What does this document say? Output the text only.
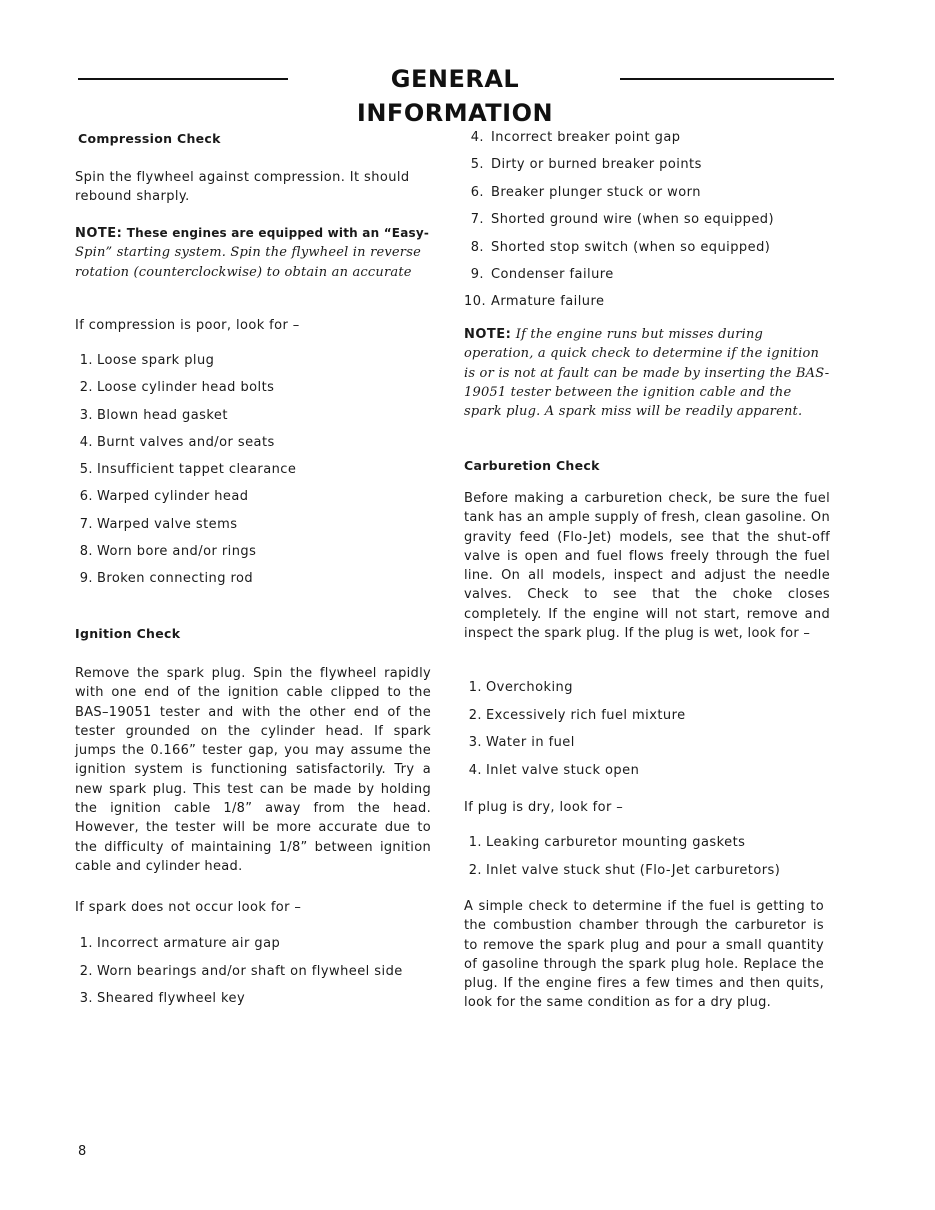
GENERAL INFORMATION
Compression Check
Spin the flywheel against compression. It should rebound sharply.
NOTE: These engines are equipped with an “Easy- Spin” starting system. Spin the flywheel in reverse rotation (counterclockwise) to obtain an accurate
If compression is poor, look for –
1. Loose spark plug
2. Loose cylinder head bolts
3. Blown head gasket
4. Burnt valves and/or seats
5. Insufficient tappet clearance
6. Warped cylinder head
7. Warped valve stems
8. Worn bore and/or rings
9. Broken connecting rod
Ignition Check
Remove the spark plug. Spin the flywheel rapidly with one end of the ignition cable clipped to the BAS–19051 tester and with the other end of the tester grounded on the cylinder head. If spark jumps the 0.166” tester gap, you may assume the ignition system is functioning satisfactorily. Try a new spark plug. This test can be made by holding the ignition cable 1/8” away from the head. However, the tester will be more accurate due to the difficulty of maintaining 1/8” between ignition cable and cylinder head.
If spark does not occur look for –
1. Incorrect armature air gap
2. Worn bearings and/or shaft on flywheel side
3. Sheared flywheel key
4. Incorrect breaker point gap
5. Dirty or burned breaker points
6. Breaker plunger stuck or worn
7. Shorted ground wire (when so equipped)
8. Shorted stop switch (when so equipped)
9. Condenser failure
10. Armature failure
NOTE: If the engine runs but misses during operation, a quick check to determine if the ignition is or is not at fault can be made by inserting the BAS-19051 tester between the ignition cable and the spark plug. A spark miss will be readily apparent.
Carburetion Check
Before making a carburetion check, be sure the fuel tank has an ample supply of fresh, clean gasoline. On gravity feed (Flo-Jet) models, see that the shut-off valve is open and fuel flows freely through the fuel line. On all models, inspect and adjust the needle valves. Check to see that the choke closes completely. If the engine will not start, remove and inspect the spark plug. If the plug is wet, look for –
1. Overchoking
2. Excessively rich fuel mixture
3. Water in fuel
4. Inlet valve stuck open
If plug is dry, look for –
1. Leaking carburetor mounting gaskets
2. Inlet valve stuck shut (Flo-Jet carburetors)
A simple check to determine if the fuel is getting to the combustion chamber through the carburetor is to remove the spark plug and pour a small quantity of gasoline through the spark plug hole. Replace the plug. If the engine fires a few times and then quits, look for the same condition as for a dry plug.
8
